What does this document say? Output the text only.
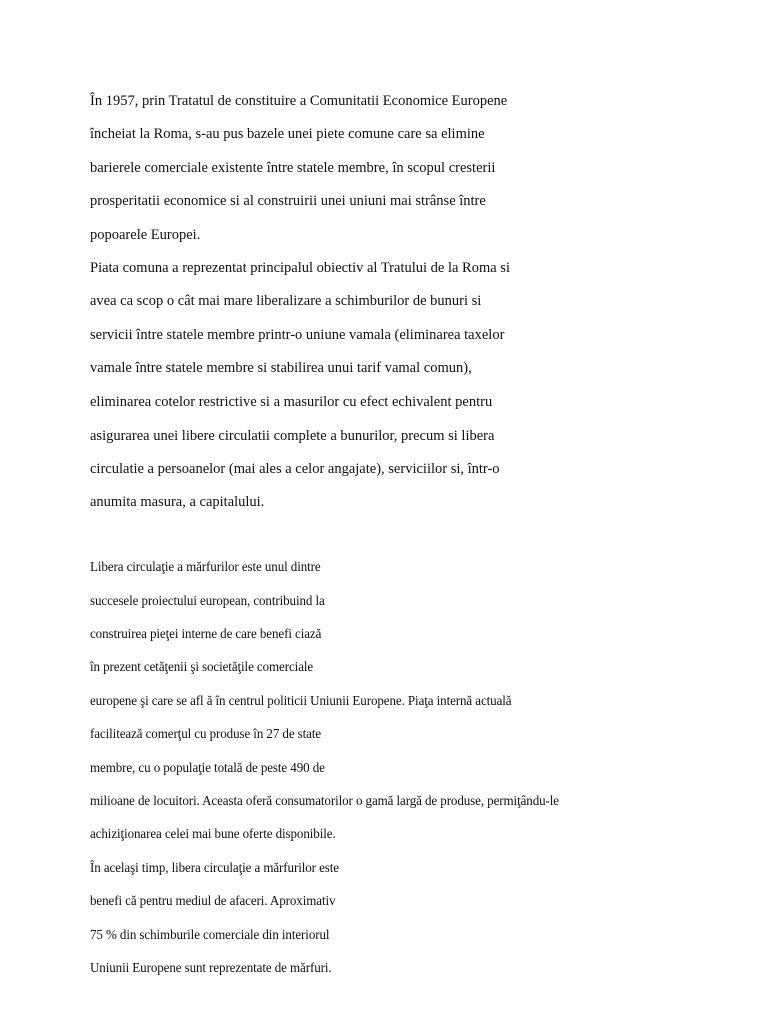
În 1957, prin Tratatul de constituire a Comunitatii Economice Europene

încheiat la Roma, s-au pus bazele unei piete comune care sa elimine

barierele comerciale existente între statele membre, în scopul cresterii

prosperitatii economice si al construirii unei uniuni mai strânse între

popoarele Europei.

Piata comuna a reprezentat principalul obiectiv al Tratului de la Roma si

avea ca scop o cât mai mare liberalizare a schimburilor de bunuri si

servicii între statele membre printr-o uniune vamala (eliminarea taxelor

vamale între statele membre si stabilirea unui tarif vamal comun),

eliminarea cotelor restrictive si a masurilor cu efect echivalent pentru

asigurarea unei libere circulatii complete a bunurilor, precum si libera

circulatie a persoanelor (mai ales a celor angajate), serviciilor si, într-o

anumita masura, a capitalului.

Libera circulaţie a mărfurilor este unul dintre

succesele proiectului european, contribuind la

construirea pieţei interne de care benefi ciază

în prezent cetăţenii şi societăţile comerciale

europene şi care se afl ă în centrul politicii Uniunii Europene. Piaţa internă actuală

facilitează comerţul cu produse în 27 de state

membre, cu o populaţie totală de peste 490 de

milioane de locuitori. Aceasta oferă consumatorilor o gamă largă de produse, permiţându-le

achiziţionarea celei mai bune oferte disponibile.

În acelaşi timp, libera circulaţie a mărfurilor este

benefi că pentru mediul de afaceri. Aproximativ

75 % din schimburile comerciale din interiorul

Uniunii Europene sunt reprezentate de mărfuri.
